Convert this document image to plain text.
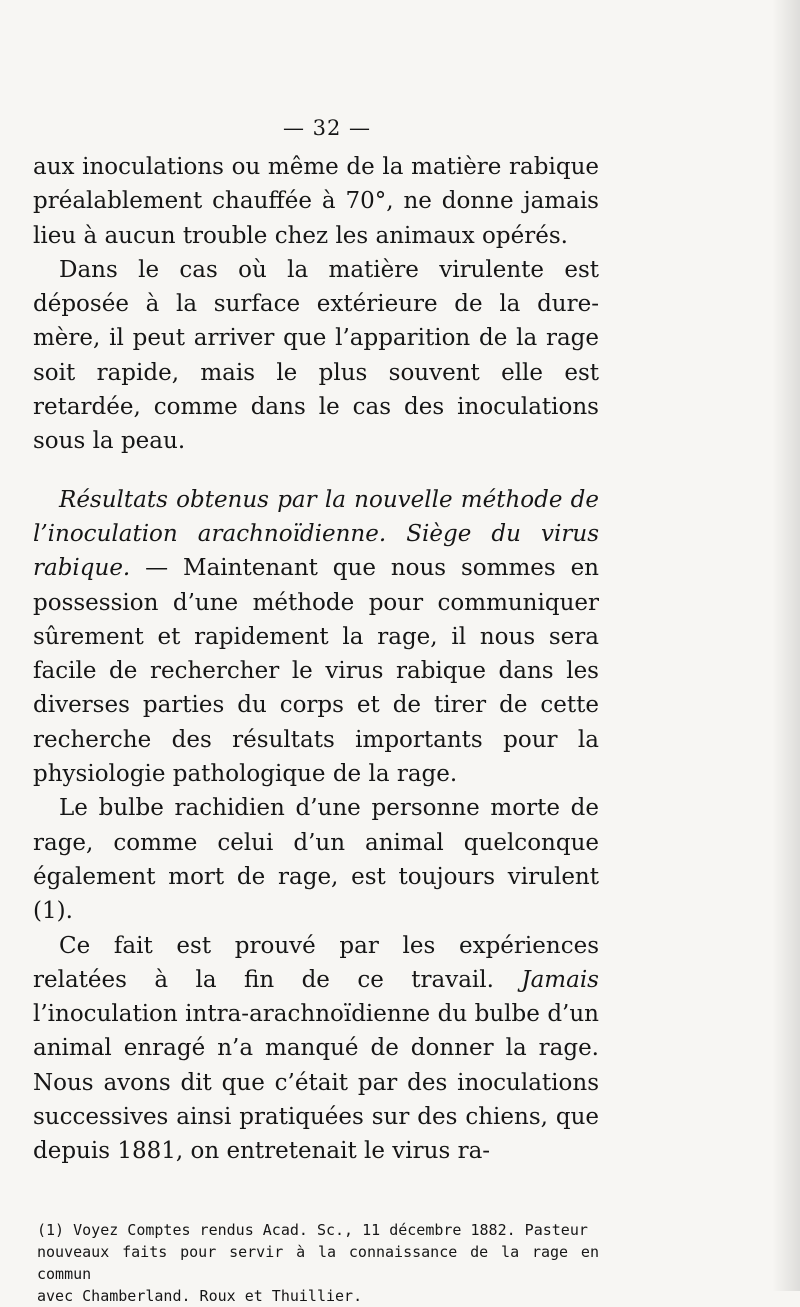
— 32 —

aux inoculations ou même de la matière rabique préalablement chauffée à 70°, ne donne jamais lieu à aucun trouble chez les animaux opérés.

Dans le cas où la matière virulente est déposée à la surface extérieure de la dure-mère, il peut arriver que l’apparition de la rage soit rapide, mais le plus souvent elle est retardée, comme dans le cas des inoculations sous la peau.

Résultats obtenus par la nouvelle méthode de l’inoculation arachnoïdienne. Siège du virus rabique. — Maintenant que nous sommes en possession d’une méthode pour communiquer sûrement et rapidement la rage, il nous sera facile de rechercher le virus rabique dans les diverses parties du corps et de tirer de cette recherche des résultats importants pour la physiologie pathologique de la rage.

Le bulbe rachidien d’une personne morte de rage, comme celui d’un animal quelconque également mort de rage, est toujours virulent (1).

Ce fait est prouvé par les expériences relatées à la fin de ce travail. Jamais l’inoculation intra-arachnoïdienne du bulbe d’un animal enragé n’a manqué de donner la rage. Nous avons dit que c’était par des inoculations successives ainsi pratiquées sur des chiens, que depuis 1881, on entretenait le virus ra-

(1) Voyez Comptes rendus Acad. Sc., 11 décembre 1882. Pasteur
nouveaux faits pour servir à la connaissance de la rage en commun
avec Chamberland. Roux et Thuillier.
